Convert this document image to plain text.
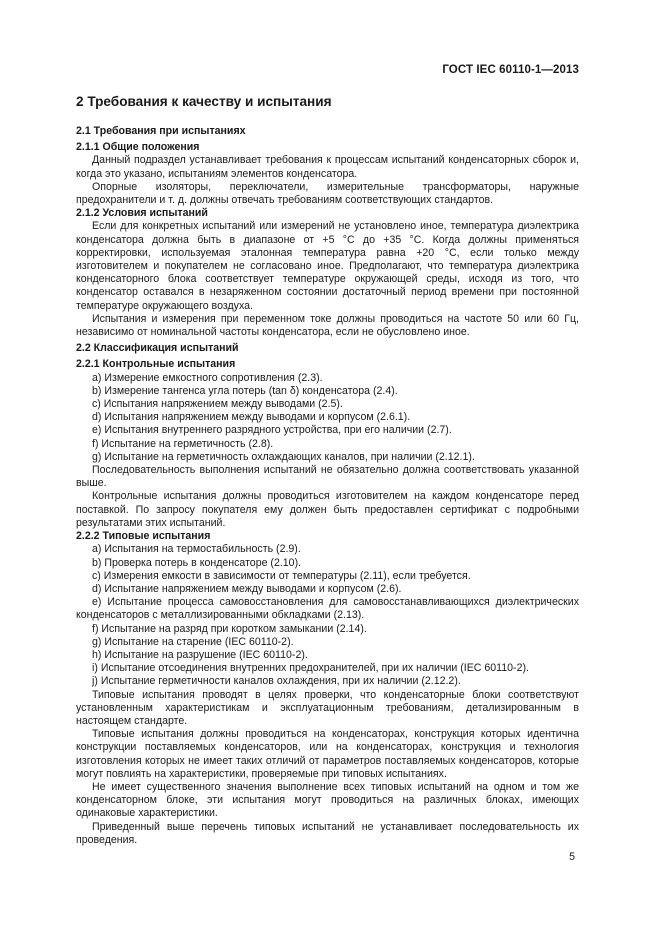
ГОСТ IEC 60110-1—2013
2 Требования к качеству и испытания
2.1 Требования при испытаниях
2.1.1 Общие положения

Данный подраздел устанавливает требования к процессам испытаний конденсаторных сборок и, когда это указано, испытаниям элементов конденсатора.

Опорные изоляторы, переключатели, измерительные трансформаторы, наружные предохранители и т. д. должны отвечать требованиям соответствующих стандартов.

2.1.2 Условия испытаний

Если для конкретных испытаний или измерений не установлено иное, температура диэлектрика конденсатора должна быть в диапазоне от +5 °С до +35 °С. Когда должны применяться корректировки, используемая эталонная температура равна +20 °С, если только между изготовителем и покупателем не согласовано иное. Предполагают, что температура диэлектрика конденсаторного блока соответствует температуре окружающей среды, исходя из того, что конденсатор оставался в незаряженном состоянии достаточный период времени при постоянной температуре окружающего воздуха.

Испытания и измерения при переменном токе должны проводиться на частоте 50 или 60 Гц, независимо от номинальной частоты конденсатора, если не обусловлено иное.

2.2 Классификация испытаний
2.2.1 Контрольные испытания

a) Измерение емкостного сопротивления (2.3).

b) Измерение тангенса угла потерь (tan δ) конденсатора (2.4).

c) Испытания напряжением между выводами (2.5).

d) Испытания напряжением между выводами и корпусом (2.6.1).

e) Испытания внутреннего разрядного устройства, при его наличии (2.7).

f) Испытание на герметичность (2.8).

g) Испытание на герметичность охлаждающих каналов, при наличии (2.12.1).

Последовательность выполнения испытаний не обязательно должна соответствовать указанной выше.

Контрольные испытания должны проводиться изготовителем на каждом конденсаторе перед поставкой. По запросу покупателя ему должен быть предоставлен сертификат с подробными результатами этих испытаний.

2.2.2 Типовые испытания

a) Испытания на термостабильность (2.9).

b) Проверка потерь в конденсаторе (2.10).

c) Измерения емкости в зависимости от температуры (2.11), если требуется.

d) Испытание напряжением между выводами и корпусом (2.6).

e) Испытание процесса самовосстановления для самовосстанавливающихся диэлектрических конденсаторов с металлизированными обкладками (2.13).

f) Испытание на разряд при коротком замыкании (2.14).

g) Испытание на старение (IEC 60110-2).

h) Испытание на разрушение (IEC 60110-2).

i) Испытание отсоединения внутренних предохранителей, при их наличии (IEC 60110-2).

j) Испытание герметичности каналов охлаждения, при их наличии (2.12.2).

Типовые испытания проводят в целях проверки, что конденсаторные блоки соответствуют установленным характеристикам и эксплуатационным требованиям, детализированным в настоящем стандарте.

Типовые испытания должны проводиться на конденсаторах, конструкция которых идентична конструкции поставляемых конденсаторов, или на конденсаторах, конструкция и технология изготовления которых не имеет таких отличий от параметров поставляемых конденсаторов, которые могут повлиять на характеристики, проверяемые при типовых испытаниях.

Не имеет существенного значения выполнение всех типовых испытаний на одном и том же конденсаторном блоке, эти испытания могут проводиться на различных блоках, имеющих одинаковые характеристики.

Приведенный выше перечень типовых испытаний не устанавливает последовательность их проведения.

5
